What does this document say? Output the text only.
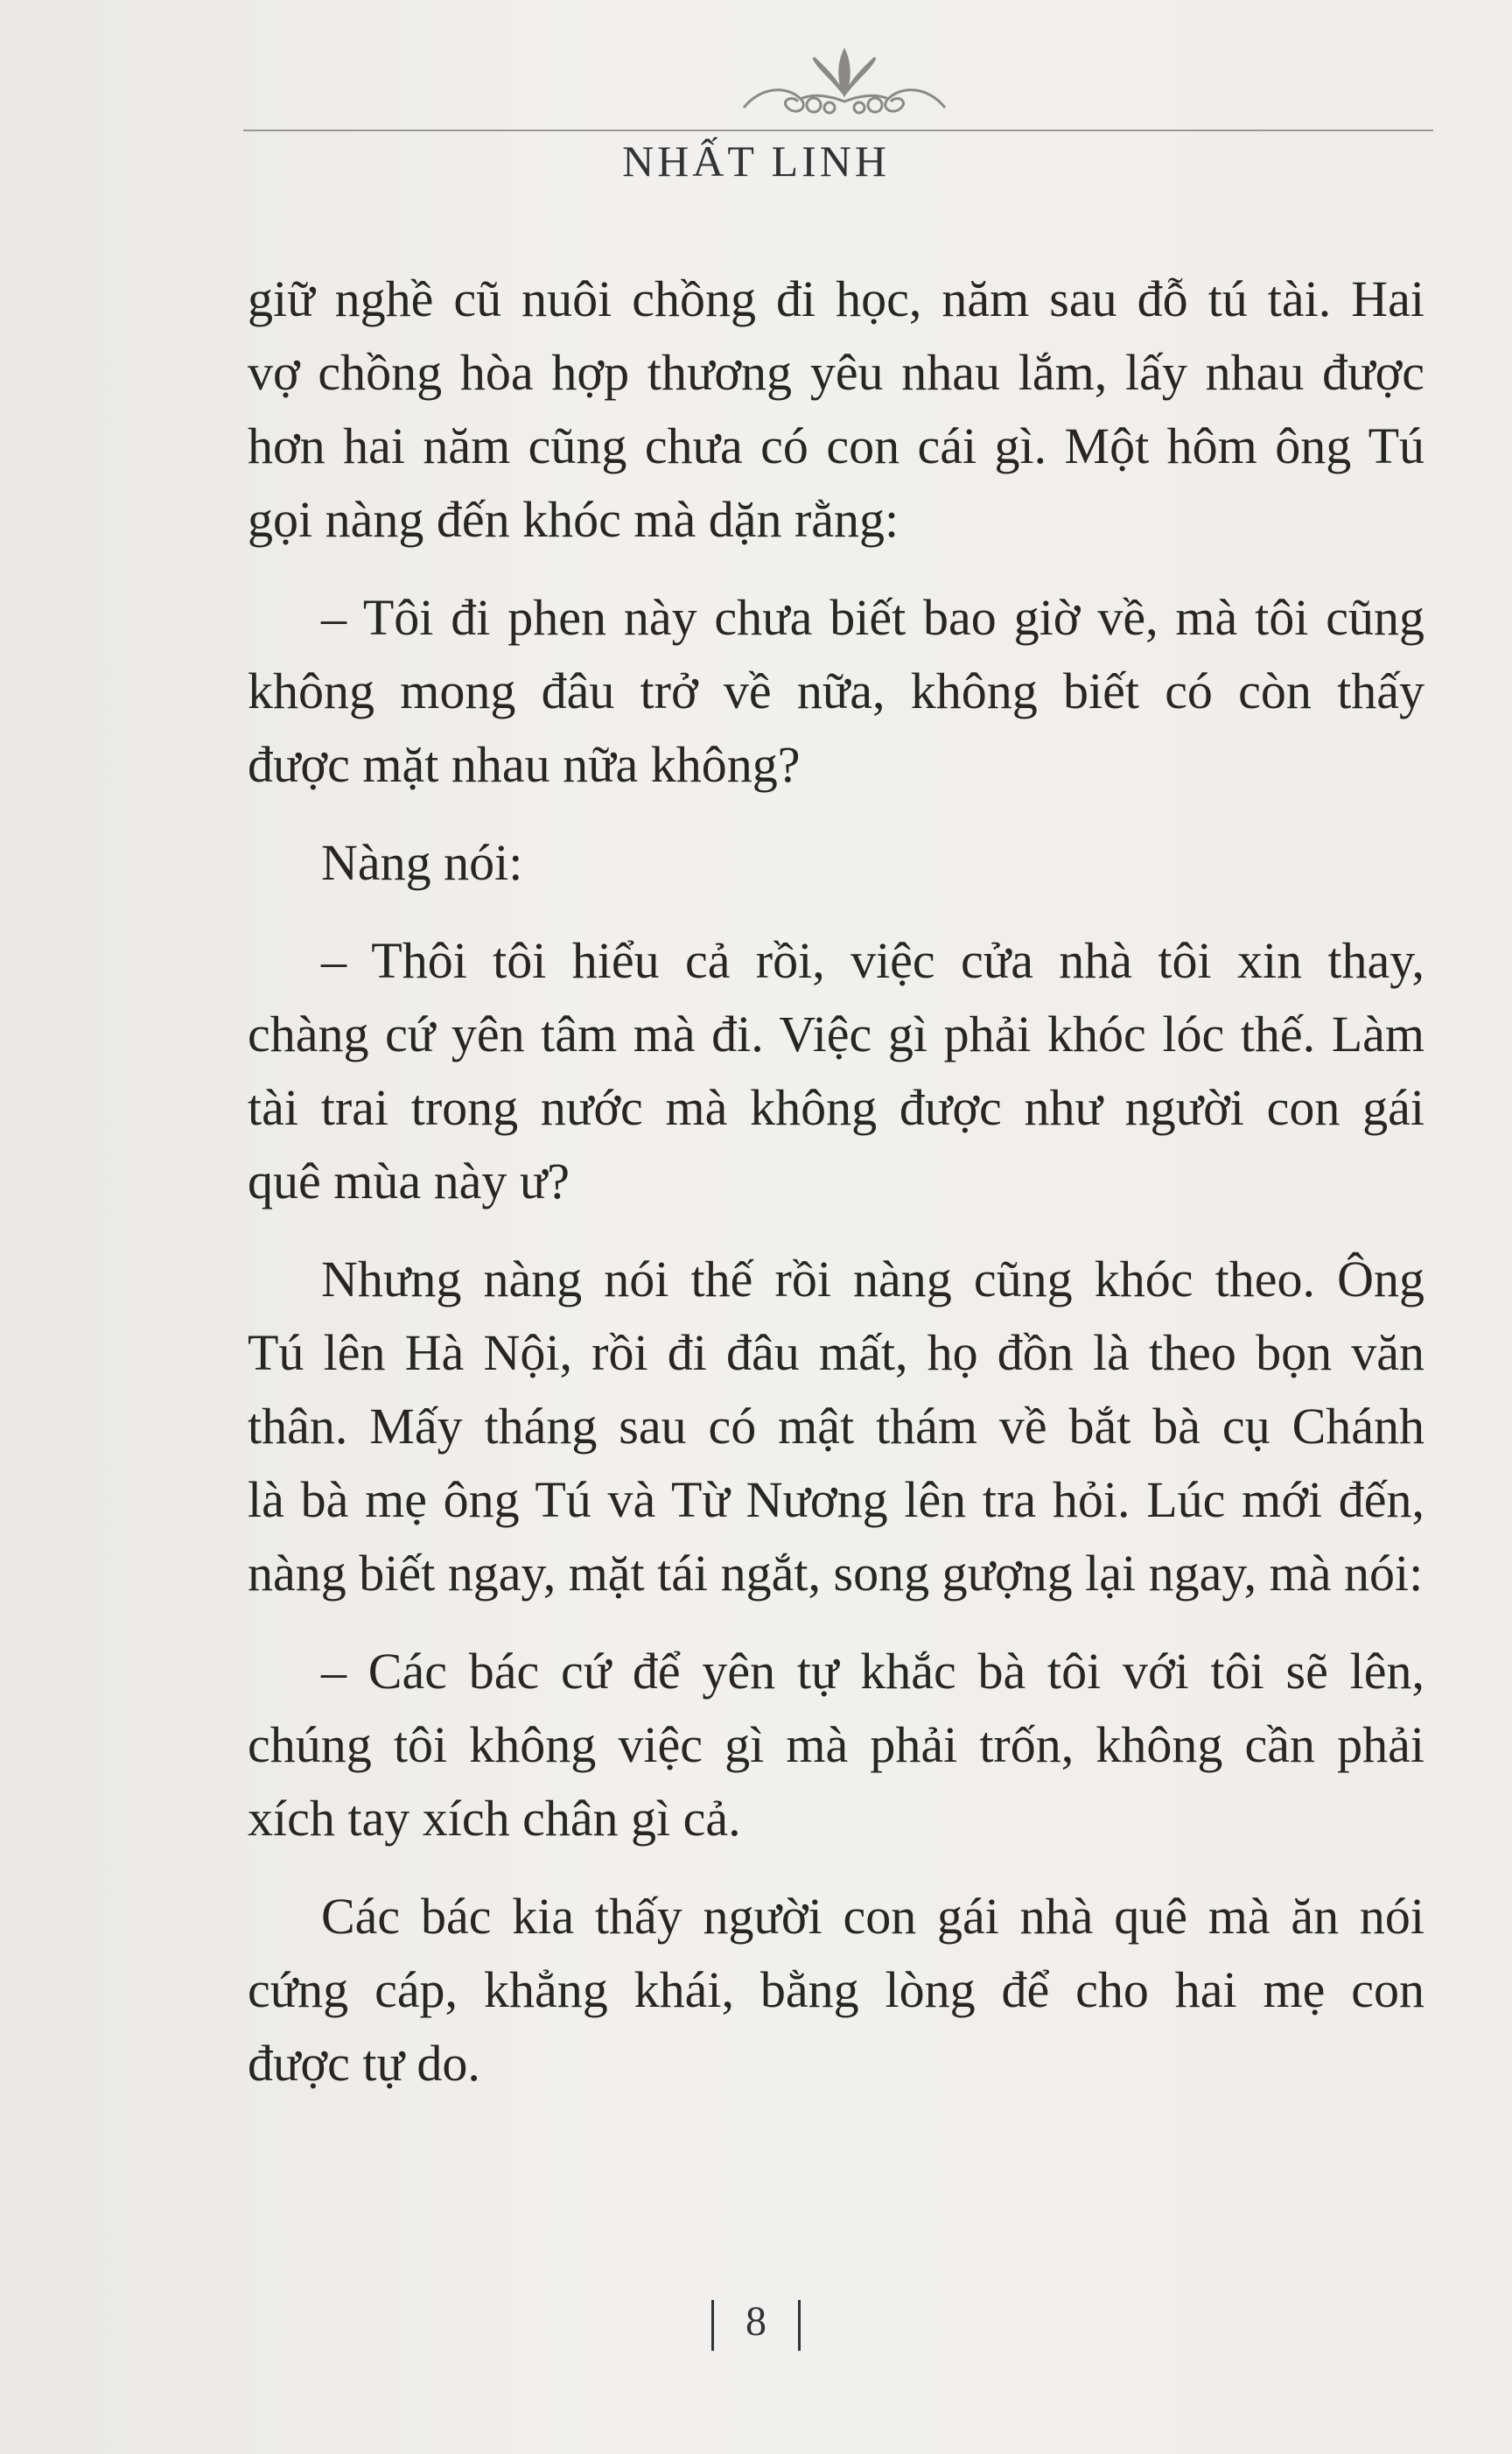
NHẤT LINH

giữ nghề cũ nuôi chồng đi học, năm sau đỗ tú tài. Hai
vợ chồng hòa hợp thương yêu nhau lắm, lấy nhau được
hơn hai năm cũng chưa có con cái gì. Một hôm ông Tú
gọi nàng đến khóc mà dặn rằng:

– Tôi đi phen này chưa biết bao giờ về, mà tôi cũng
không mong đâu trở về nữa, không biết có còn thấy
được mặt nhau nữa không?

Nàng nói:

– Thôi tôi hiểu cả rồi, việc cửa nhà tôi xin thay,
chàng cứ yên tâm mà đi. Việc gì phải khóc lóc thế. Làm
tài trai trong nước mà không được như người con gái
quê mùa này ư?

Nhưng nàng nói thế rồi nàng cũng khóc theo. Ông
Tú lên Hà Nội, rồi đi đâu mất, họ đồn là theo bọn văn
thân. Mấy tháng sau có mật thám về bắt bà cụ Chánh
là bà mẹ ông Tú và Từ Nương lên tra hỏi. Lúc mới đến,
nàng biết ngay, mặt tái ngắt, song gượng lại ngay, mà nói:

– Các bác cứ để yên tự khắc bà tôi với tôi sẽ lên,
chúng tôi không việc gì mà phải trốn, không cần phải
xích tay xích chân gì cả.

Các bác kia thấy người con gái nhà quê mà ăn nói
cứng cáp, khẳng khái, bằng lòng để cho hai mẹ con
được tự do.

8
